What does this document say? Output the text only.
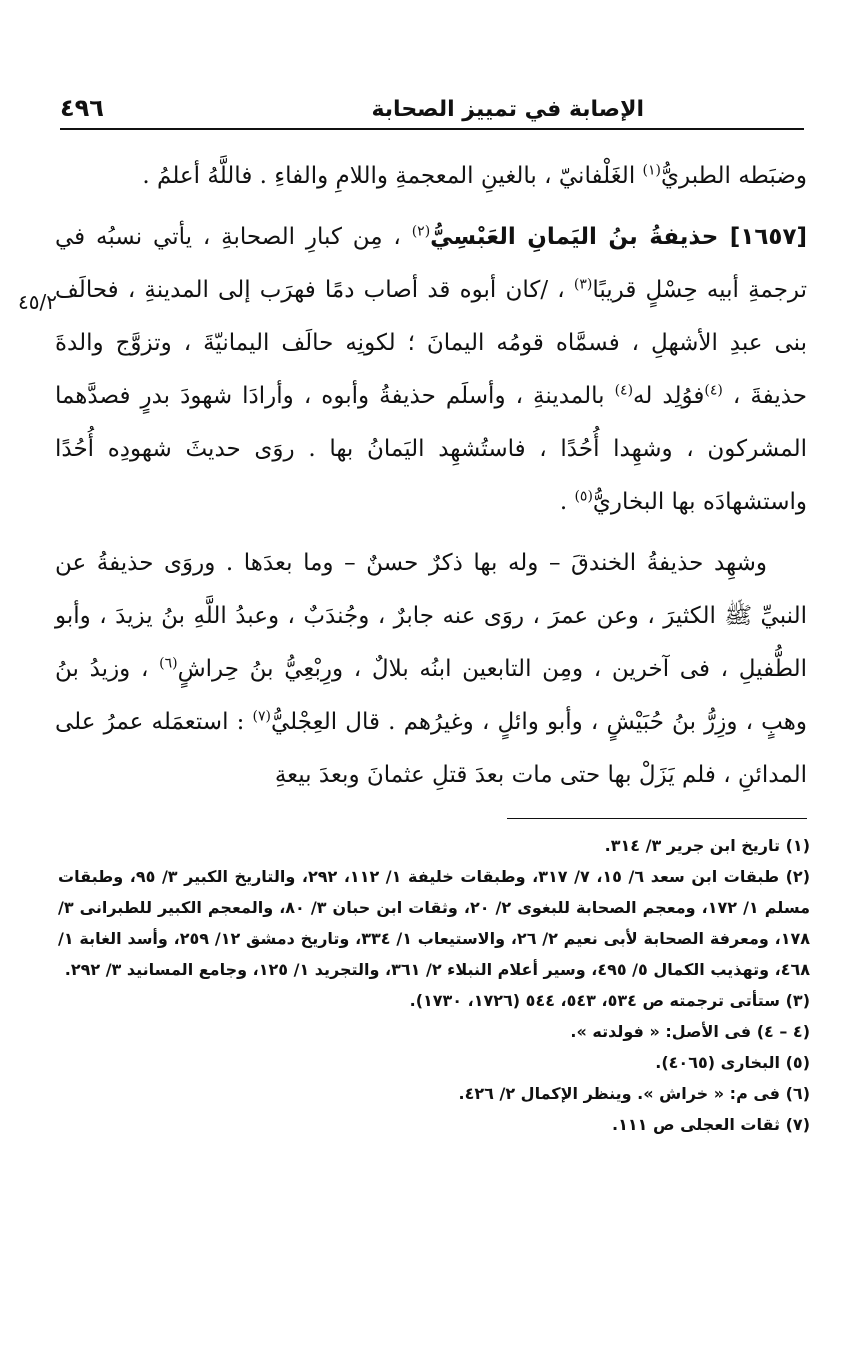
الإصابة في تمييز الصحابة
٤٩٦
٤٥/٢

وضبَطه الطبريُّ$^{(١)}$ الغَلْفانيّ ، بالغينِ المعجمةِ واللامِ والفاءِ . فاللَّهُ أعلمُ .

[١٦٥٧] حذيفةُ بنُ اليَمانِ العَبْسِيُّ$^{(٢)}$ ، مِن كبارِ الصحابةِ ، يأتي نسبُه في ترجمةِ أبيه حِسْلٍ قريبًا$^{(٣)}$ ، /كان أبوه قد أصاب دمًا فهرَب إلى المدينةِ ، فحالَف بنى عبدِ الأشهلِ ، فسمَّاه قومُه اليمانَ ؛ لكونِه حالَف اليمانيّةَ ، وتزوَّج والدةَ حذيفةَ ، $^{(٤)}$فوُلِد له$^{(٤)}$ بالمدينةِ ، وأسلَم حذيفةُ وأبوه ، وأرادَا شهودَ بدرٍ فصدَّهما المشركون ، وشهِدا أُحُدًا ، فاستُشهِد اليَمانُ بها . روَى حديثَ شهودِه أُحُدًا واستشهادَه بها البخاريُّ$^{(٥)}$ .

وشهِد حذيفةُ الخندقَ – وله بها ذكرٌ حسنٌ – وما بعدَها . وروَى حذيفةُ عن النبيِّ ﷺ الكثيرَ ، وعن عمرَ ، روَى عنه جابرٌ ، وجُندَبٌ ، وعبدُ اللَّهِ بنُ يزيدَ ، وأبو الطُّفيلِ ، فى آخرين ، ومِن التابعين ابنُه بلالٌ ، ورِبْعِيُّ بنُ حِراشٍ$^{(٦)}$ ، وزيدُ بنُ وهبٍ ، وزِرُّ بنُ حُبَيْشٍ ، وأبو وائلٍ ، وغيرُهم . قال العِجْليُّ$^{(٧)}$ : استعمَله عمرُ على المدائنِ ، فلم يَزَلْ بها حتى مات بعدَ قتلِ عثمانَ وبعدَ بيعةِ

(١) تاريخ ابن جرير ٣/ ٣١٤.

(٢) طبقات ابن سعد ٦/ ١٥، ٧/ ٣١٧، وطبقات خليفة ١/ ١١٢، ٢٩٢، والتاريخ الكبير ٣/ ٩٥، وطبقات مسلم ١/ ١٧٢، ومعجم الصحابة للبغوى ٢/ ٢٠، وثقات ابن حبان ٣/ ٨٠، والمعجم الكبير للطبرانى ٣/ ١٧٨، ومعرفة الصحابة لأبى نعيم ٢/ ٢٦، والاستيعاب ١/ ٣٣٤، وتاريخ دمشق ١٢/ ٢٥٩، وأسد الغابة ١/ ٤٦٨، وتهذيب الكمال ٥/ ٤٩٥، وسير أعلام النبلاء ٢/ ٣٦١، والتجريد ١/ ١٢٥، وجامع المسانيد ٣/ ٢٩٢.

(٣) ستأتى ترجمته ص ٥٣٤، ٥٤٣، ٥٤٤ (١٧٢٦، ١٧٣٠).

(٤ – ٤) فى الأصل: « فولدته ».

(٥) البخارى (٤٠٦٥).

(٦) فى م: « خراش ». وينظر الإكمال ٢/ ٤٢٦.

(٧) ثقات العجلى ص ١١١.
